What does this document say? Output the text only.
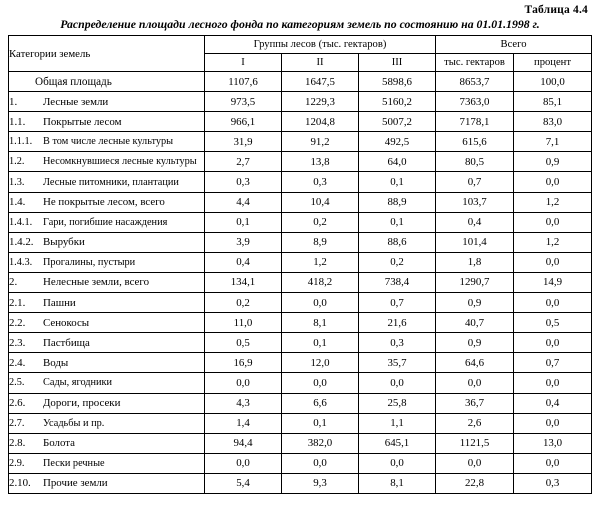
Таблица 4.4
Распределение площади лесного фонда по категориям земель по состоянию на 01.01.1998 г.
Категории земель	Группы лесов (тыс. гектаров)			Всего	
	I	II	III	тыс. гектаров	процент
Общая площадь	1107,6	1647,5	5898,6	8653,7	100,0
1. Лесные земли	973,5	1229,3	5160,2	7363,0	85,1
1.1. Покрытые лесом	966,1	1204,8	5007,2	7178,1	83,0
1.1.1. В том числе лесные культуры	31,9	91,2	492,5	615,6	7,1
1.2. Несомкнувшиеся лесные культуры	2,7	13,8	64,0	80,5	0,9
1.3. Лесные питомники, плантации	0,3	0,3	0,1	0,7	0,0
1.4. Не покрытые лесом, всего	4,4	10,4	88,9	103,7	1,2
1.4.1. Гари, погибшие насаждения	0,1	0,2	0,1	0,4	0,0
1.4.2. Вырубки	3,9	8,9	88,6	101,4	1,2
1.4.3. Прогалины, пустыри	0,4	1,2	0,2	1,8	0,0
2. Нелесные земли, всего	134,1	418,2	738,4	1290,7	14,9
2.1. Пашни	0,2	0,0	0,7	0,9	0,0
2.2. Сенокосы	11,0	8,1	21,6	40,7	0,5
2.3. Пастбища	0,5	0,1	0,3	0,9	0,0
2.4. Воды	16,9	12,0	35,7	64,6	0,7
2.5. Сады, ягодники	0,0	0,0	0,0	0,0	0,0
2.6. Дороги, просеки	4,3	6,6	25,8	36,7	0,4
2.7. Усадьбы и пр.	1,4	0,1	1,1	2,6	0,0
2.8. Болота	94,4	382,0	645,1	1121,5	13,0
2.9. Пески речные	0,0	0,0	0,0	0,0	0,0
2.10. Прочие земли	5,4	9,3	8,1	22,8	0,3
